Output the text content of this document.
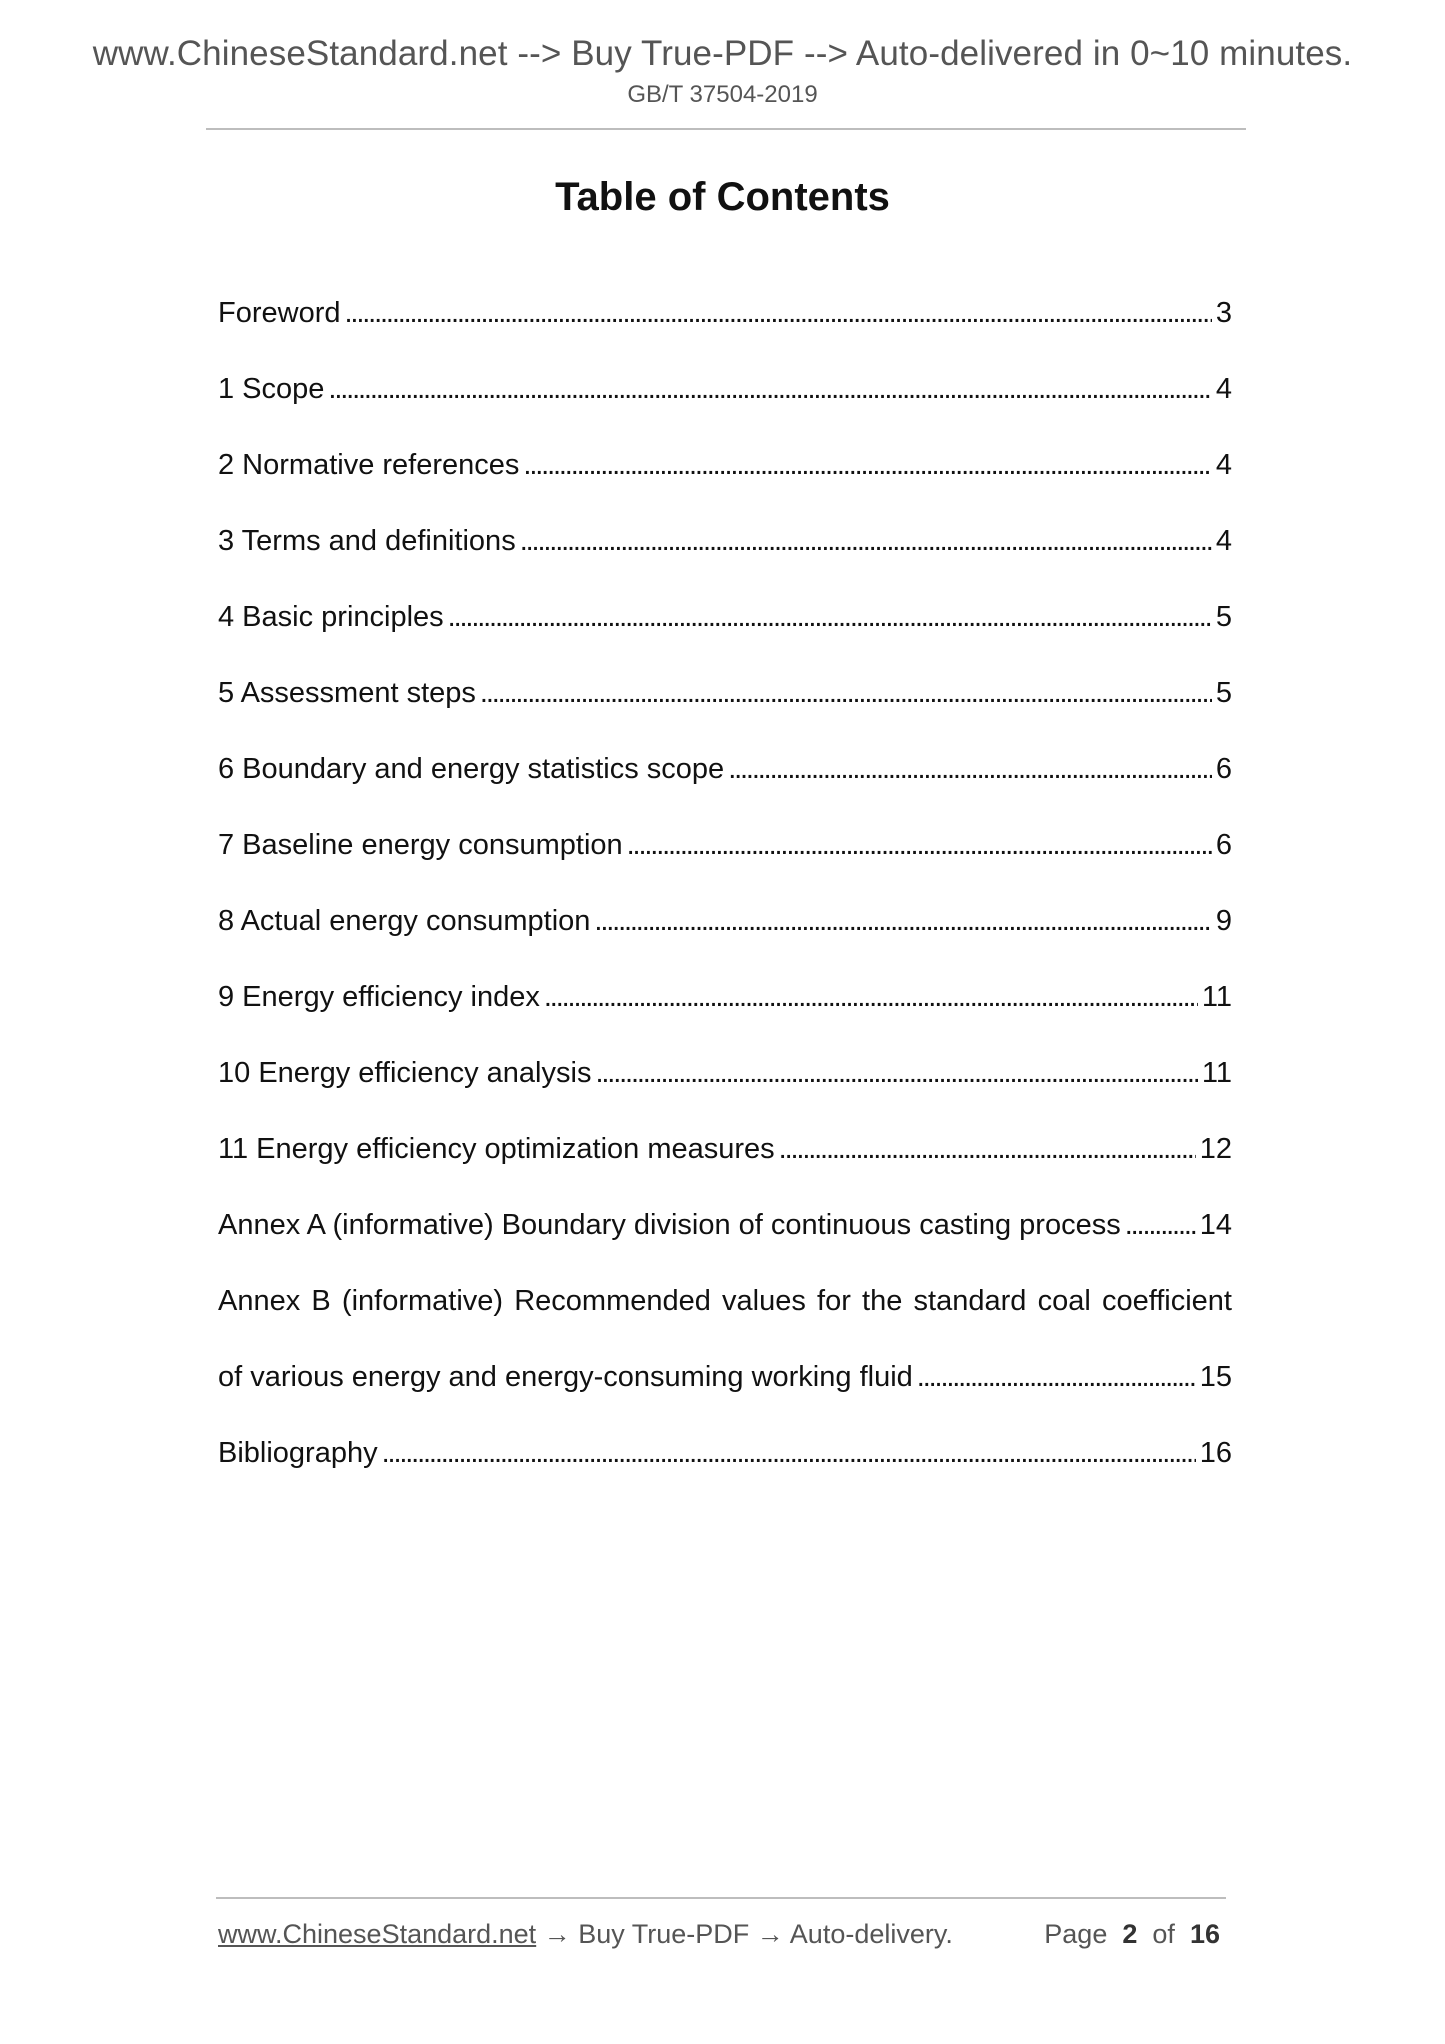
www.ChineseStandard.net --> Buy True-PDF --> Auto-delivered in 0~10 minutes.
GB/T 37504-2019
Table of Contents
Foreword . . .	3
1 Scope . . .	4
2 Normative references . . .	4
3 Terms and definitions . . .	4
4 Basic principles . . .	5
5 Assessment steps . . .	5
6 Boundary and energy statistics scope . . .	6
7 Baseline energy consumption . . .	6
8 Actual energy consumption . . .	9
9 Energy efficiency index . . .	11
10 Energy efficiency analysis . . .	11
11 Energy efficiency optimization measures . . .	12
Annex A (informative) Boundary division of continuous casting process . . .	14
Annex B (informative) Recommended values for the standard coal coefficient
of various energy and energy-consuming working fluid . . .	15
Bibliography . . .	16
www.ChineseStandard.net → Buy True-PDF → Auto-delivery.	Page 2 of 16
